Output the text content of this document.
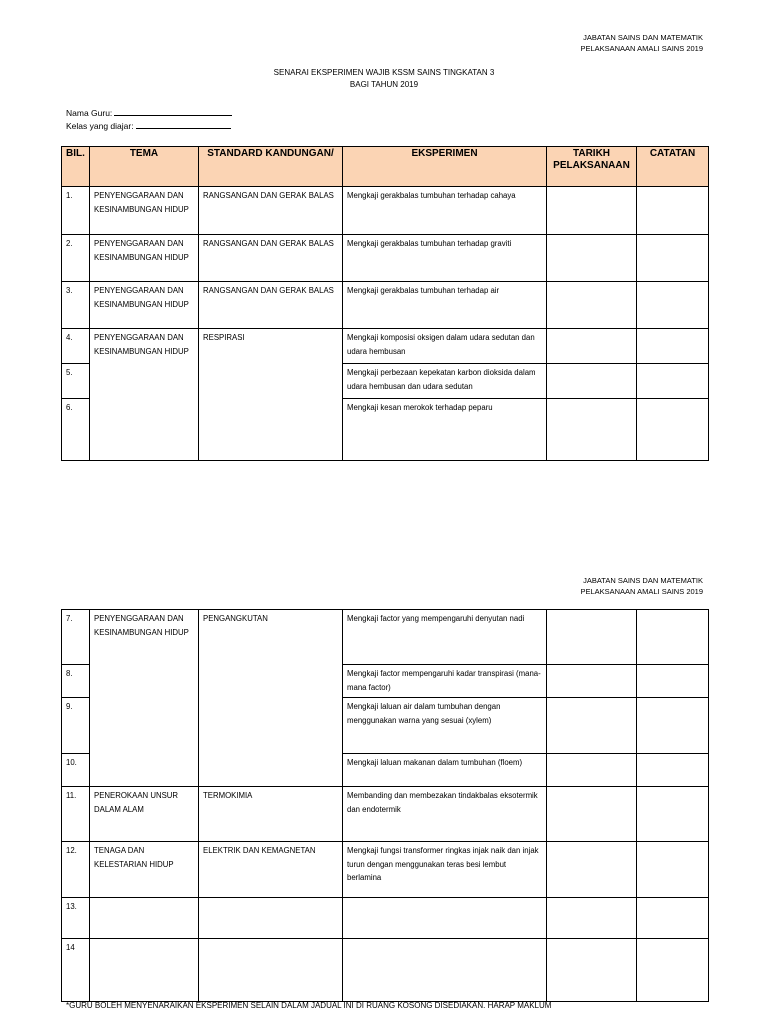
JABATAN SAINS DAN MATEMATIK
PELAKSANAAN AMALI SAINS 2019
SENARAI EKSPERIMEN WAJIB KSSM SAINS TINGKATAN 3
BAGI TAHUN 2019
Nama Guru:
Kelas yang diajar:
BIL.	TEMA	STANDARD KANDUNGAN/	EKSPERIMEN	TARIKH PELAKSANAAN	CATATAN
1.	PENYENGGARAAN DAN KESINAMBUNGAN HIDUP	RANGSANGAN DAN GERAK BALAS	Mengkaji gerakbalas tumbuhan terhadap cahaya		
2.	PENYENGGARAAN DAN KESINAMBUNGAN HIDUP	RANGSANGAN DAN GERAK BALAS	Mengkaji gerakbalas tumbuhan terhadap graviti		
3.	PENYENGGARAAN DAN KESINAMBUNGAN HIDUP	RANGSANGAN DAN GERAK BALAS	Mengkaji gerakbalas tumbuhan terhadap air		
4.	PENYENGGARAAN DAN KESINAMBUNGAN HIDUP	RESPIRASI	Mengkaji komposisi oksigen dalam udara sedutan dan udara hembusan		
5.			Mengkaji perbezaan kepekatan karbon dioksida dalam udara hembusan dan udara sedutan		
6.			Mengkaji kesan merokok terhadap peparu		
JABATAN SAINS DAN MATEMATIK
PELAKSANAAN AMALI SAINS 2019
7.	PENYENGGARAAN DAN KESINAMBUNGAN HIDUP	PENGANGKUTAN	Mengkaji factor yang mempengaruhi denyutan nadi		
8.			Mengkaji factor mempengaruhi kadar transpirasi (mana-mana factor)		
9.			Mengkaji laluan air dalam tumbuhan dengan menggunakan warna yang sesuai (xylem)		
10.			Mengkaji laluan makanan dalam tumbuhan (floem)		
11.	PENEROKAAN UNSUR DALAM ALAM	TERMOKIMIA	Membanding dan membezakan tindakbalas eksotermik dan endotermik		
12.	TENAGA DAN KELESTARIAN HIDUP	ELEKTRIK DAN KEMAGNETAN	Mengkaji fungsi transformer ringkas injak naik dan injak turun dengan menggunakan teras besi lembut berlamina		
13.					
14					
*GURU BOLEH MENYENARAIKAN EKSPERIMEN SELAIN DALAM JADUAL INI DI RUANG KOSONG DISEDIAKAN. HARAP MAKLUM
